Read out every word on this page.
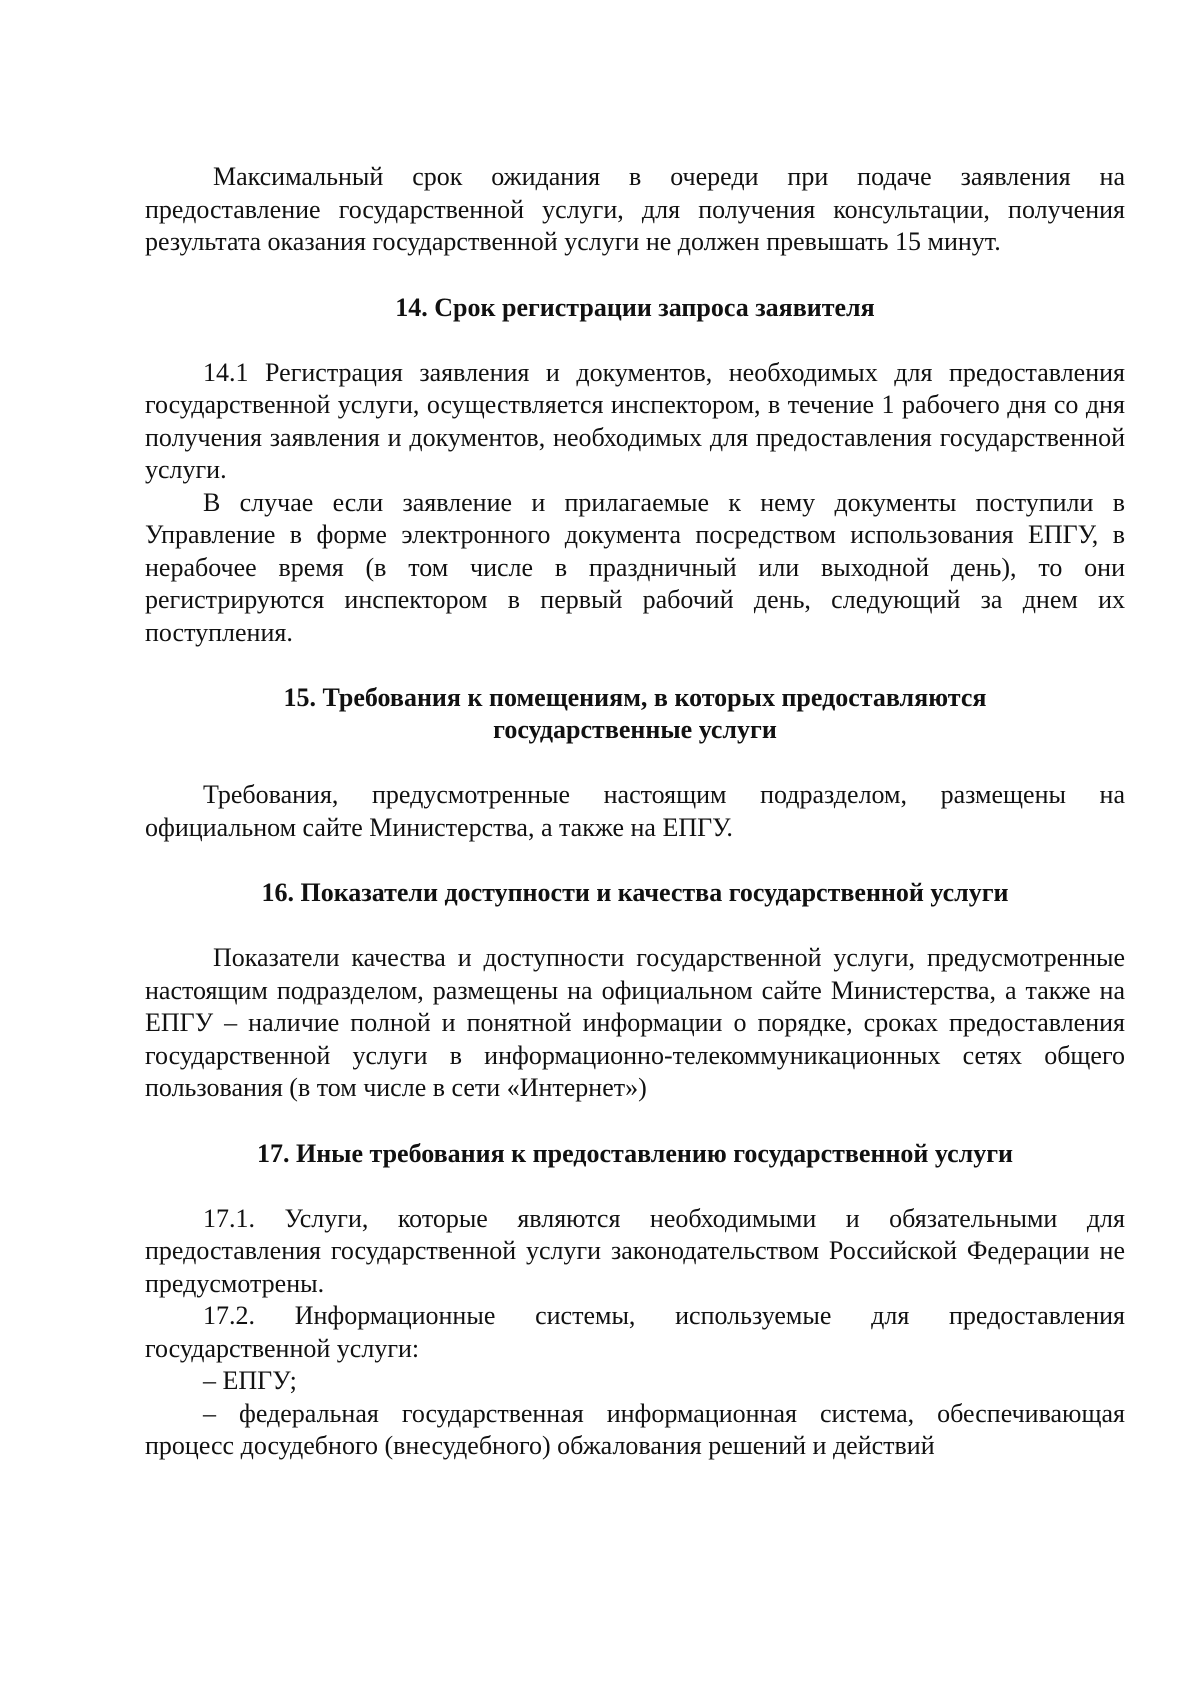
Максимальный срок ожидания в очереди при подаче заявления на предоставление государственной услуги, для получения консультации, получения результата оказания государственной услуги не должен превышать 15 минут.

14. Срок регистрации запроса заявителя

14.1 Регистрация заявления и документов, необходимых для предоставления государственной услуги, осуществляется инспектором, в течение 1 рабочего дня со дня получения заявления и документов, необходимых для предоставления государственной услуги.

В случае если заявление и прилагаемые к нему документы поступили в Управление в форме электронного документа посредством использования ЕПГУ, в нерабочее время (в том числе в праздничный или выходной день), то они регистрируются инспектором в первый рабочий день, следующий за днем их поступления.

15. Требования к помещениям, в которых предоставляются
государственные услуги

Требования, предусмотренные настоящим подразделом, размещены на официальном сайте Министерства, а также на ЕПГУ.

16. Показатели доступности и качества государственной услуги

Показатели качества и доступности государственной услуги, предусмотренные настоящим подразделом, размещены на официальном сайте Министерства, а также на ЕПГУ – наличие полной и понятной информации о порядке, сроках предоставления государственной услуги в информационно-телекоммуникационных сетях общего пользования (в том числе в сети «Интернет»)

17. Иные требования к предоставлению государственной услуги

17.1. Услуги, которые являются необходимыми и обязательными для предоставления государственной услуги законодательством Российской Федерации не предусмотрены.

17.2. Информационные системы, используемые для предоставления государственной услуги:

– ЕПГУ;

– федеральная государственная информационная система, обеспечивающая процесс досудебного (внесудебного) обжалования решений и действий
